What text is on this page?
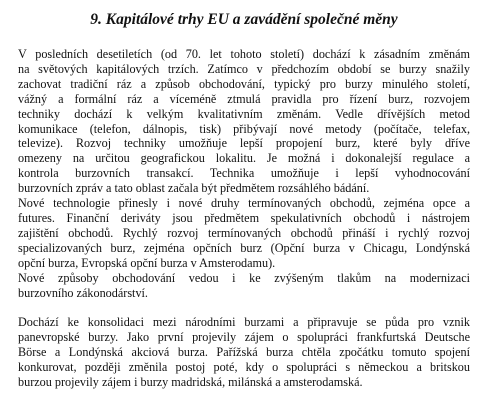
9. Kapitálové trhy EU a zavádění společné měny
V posledních desetiletích (od 70. let tohoto století) dochází k zásadním změnám
na světových kapitálových trzích. Zatímco v předchozím období se burzy snažily
zachovat tradiční ráz a způsob obchodování, typický pro burzy minulého století,
vážný a formální ráz a víceméně ztmulá pravidla pro řízení burz, rozvojem
techniky dochází k velkým kvalitativním změnám. Vedle dřívějších metod
komunikace (telefon, dálnopis, tisk) přibývají nové metody (počítače, telefax,
televize). Rozvoj techniky umožňuje lepší propojení burz, které byly dříve
omezeny na určitou geografickou lokalitu. Je možná i dokonalejší regulace a
kontrola burzovních transakcí. Technika umožňuje i lepší vyhodnocování
burzovních zpráv a tato oblast začala být předmětem rozsáhlého bádání.
Nové technologie přinesly i nové druhy termínovaných obchodů, zejména opce a
futures. Finanční deriváty jsou předmětem spekulativních obchodů i nástrojem
zajištění obchodů. Rychlý rozvoj termínovaných obchodů přináší i rychlý rozvoj
specializovaných burz, zejména opčních burz (Opční burza v Chicagu, Londýnská
opční burza, Evropská opční burza v Amsterodamu).
Nové způsoby obchodování vedou i ke zvýšeným tlakům na modernizaci
burzovního zákonodárství.
Dochází ke konsolidaci mezi národními burzami a připravuje se půda pro vznik
panevropské burzy. Jako první projevily zájem o spolupráci frankfurtská Deutsche
Börse a Londýnská akciová burza. Pařížská burza chtěla zpočátku tomuto spojení
konkurovat, později změnila postoj poté, kdy o spolupráci s německou a britskou
burzou projevily zájem i burzy madridská, milánská a amsterodamská.
